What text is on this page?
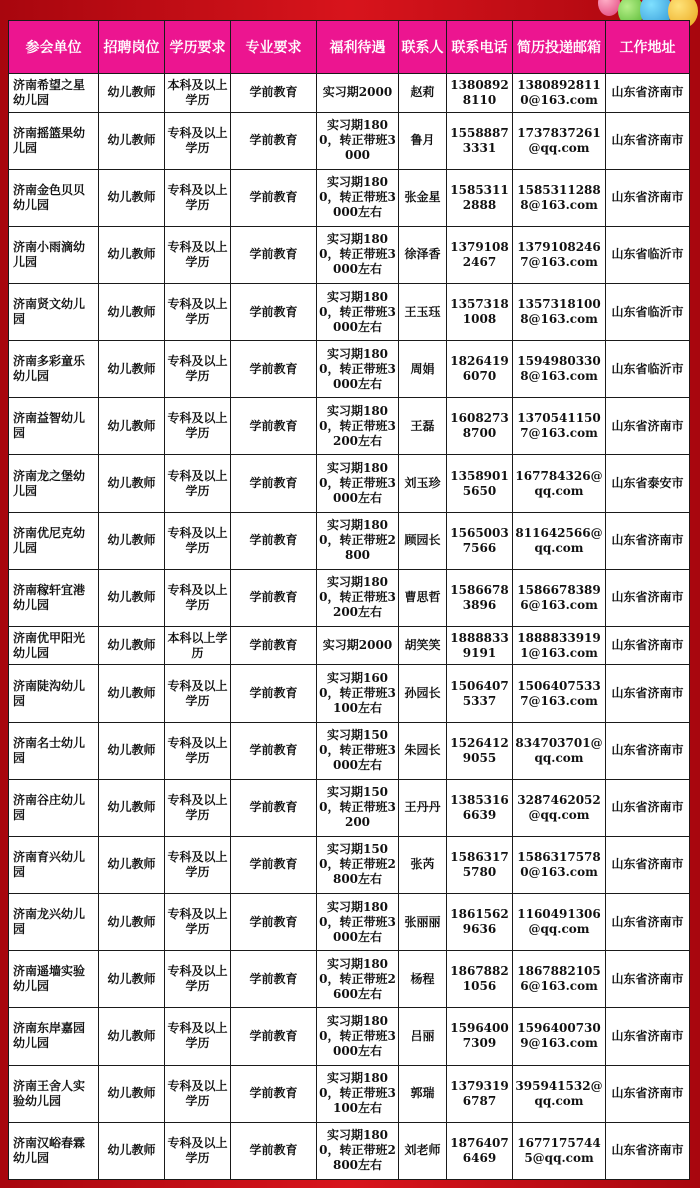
参会单位	招聘岗位	学历要求	专业要求	福利待遇	联系人	联系电话	简历投递邮箱	工作地址
济南希望之星幼儿园	幼儿教师	本科及以上学历	学前教育	实习期2000	赵莉	13808928110	13808928110@163.com	山东省济南市
济南摇篮果幼儿园	幼儿教师	专科及以上学历	学前教育	实习期1800，转正带班3000	鲁月	15588873331	1737837261@qq.com	山东省济南市
济南金色贝贝幼儿园	幼儿教师	专科及以上学历	学前教育	实习期1800，转正带班3000左右	张金星	15853112888	15853112888@163.com	山东省济南市
济南小雨滴幼儿园	幼儿教师	专科及以上学历	学前教育	实习期1800，转正带班3000左右	徐泽香	13791082467	13791082467@163.com	山东省临沂市
济南贤文幼儿园	幼儿教师	专科及以上学历	学前教育	实习期1800，转正带班3000左右	王玉珏	13573181008	13573181008@163.com	山东省临沂市
济南多彩童乐幼儿园	幼儿教师	专科及以上学历	学前教育	实习期1800，转正带班3000左右	周娟	18264196070	15949803308@163.com	山东省临沂市
济南益智幼儿园	幼儿教师	专科及以上学历	学前教育	实习期1800，转正带班3200左右	王磊	16082738700	13705411507@163.com	山东省济南市
济南龙之堡幼儿园	幼儿教师	专科及以上学历	学前教育	实习期1800，转正带班3000左右	刘玉珍	13589015650	167784326@qq.com	山东省泰安市
济南优尼克幼儿园	幼儿教师	专科及以上学历	学前教育	实习期1800，转正带班2800	顾园长	15650037566	811642566@qq.com	山东省济南市
济南稼轩宜港幼儿园	幼儿教师	专科及以上学历	学前教育	实习期1800，转正带班3200左右	曹思哲	15866783896	15866783896@163.com	山东省济南市
济南优甲阳光幼儿园	幼儿教师	本科以上学历	学前教育	实习期2000	胡笑笑	18888339191	18888339191@163.com	山东省济南市
济南陡沟幼儿园	幼儿教师	专科及以上学历	学前教育	实习期1600，转正带班3100左右	孙园长	15064075337	15064075337@163.com	山东省济南市
济南名士幼儿园	幼儿教师	专科及以上学历	学前教育	实习期1500，转正带班3000左右	朱园长	15264129055	834703701@qq.com	山东省济南市
济南谷庄幼儿园	幼儿教师	专科及以上学历	学前教育	实习期1500，转正带班3200	王丹丹	13853166639	3287462052@qq.com	山东省济南市
济南育兴幼儿园	幼儿教师	专科及以上学历	学前教育	实习期1500，转正带班2800左右	张芮	15863175780	15863175780@163.com	山东省济南市
济南龙兴幼儿园	幼儿教师	专科及以上学历	学前教育	实习期1800，转正带班3000左右	张丽丽	18615629636	1160491306@qq.com	山东省济南市
济南遥墙实验幼儿园	幼儿教师	专科及以上学历	学前教育	实习期1800，转正带班2600左右	杨程	18678821056	18678821056@163.com	山东省济南市
济南东岸嘉园幼儿园	幼儿教师	专科及以上学历	学前教育	实习期1800，转正带班3000左右	吕丽	15964007309	15964007309@163.com	山东省济南市
济南王舍人实验幼儿园	幼儿教师	专科及以上学历	学前教育	实习期1800，转正带班3100左右	郭瑞	13793196787	395941532@qq.com	山东省济南市
济南汉峪春霖幼儿园	幼儿教师	专科及以上学历	学前教育	实习期1800，转正带班2800左右	刘老师	18764076469	16771757445@qq.com	山东省济南市
